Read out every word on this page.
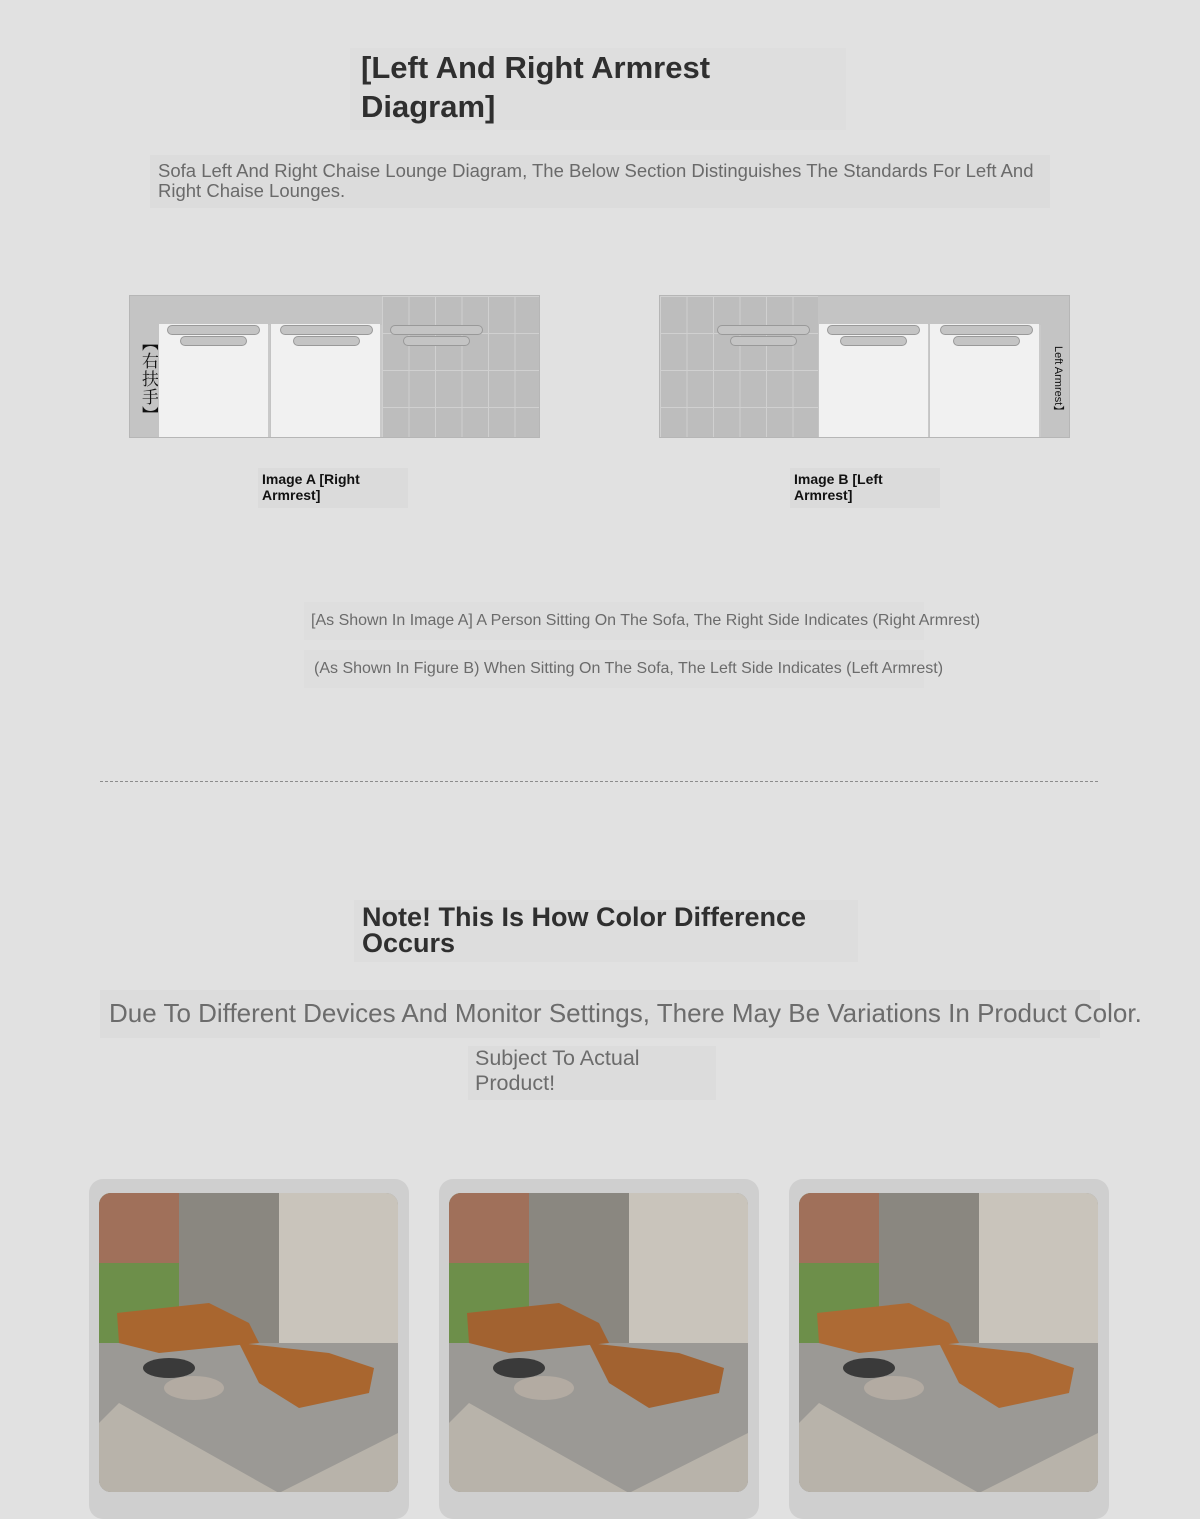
[Left And Right Armrest Diagram]
Sofa Left And Right Chaise Lounge Diagram, The Below Section Distinguishes The Standards For Left And Right Chaise Lounges.
【右扶手】
Image A [Right Armrest]
Left Armrest】
Image B [Left Armrest]
[As Shown In Image A] A Person Sitting On The Sofa, The Right Side Indicates (Right Armrest)
(As Shown In Figure B) When Sitting On The Sofa, The Left Side Indicates (Left Armrest)
Note! This Is How Color Difference Occurs
Due To Different Devices And Monitor Settings, There May Be Variations In Product Color.
Subject To Actual Product!
